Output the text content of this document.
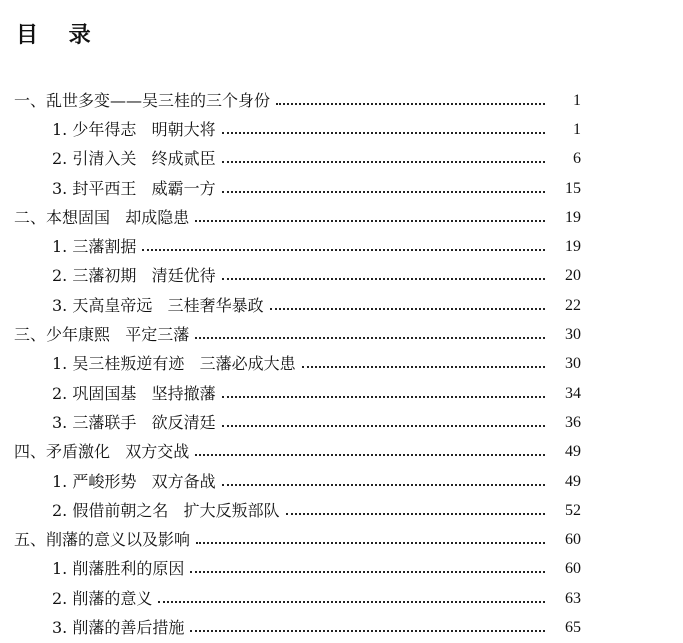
目    录
一、乱世多变——吴三桂的三个身份	1
1. 少年得志   明朝大将	1
2. 引清入关   终成贰臣	6
3. 封平西王   威霸一方	15
二、本想固国   却成隐患	19
1. 三藩割据	19
2. 三藩初期   清廷优待	20
3. 天高皇帝远   三桂奢华暴政	22
三、少年康熙   平定三藩	30
1. 吴三桂叛逆有迹   三藩必成大患	30
2. 巩固国基   坚持撤藩	34
3. 三藩联手   欲反清廷	36
四、矛盾激化   双方交战	49
1. 严峻形势   双方备战	49
2. 假借前朝之名   扩大反叛部队	52
五、削藩的意义以及影响	60
1. 削藩胜利的原因	60
2. 削藩的意义	63
3. 削藩的善后措施	65
